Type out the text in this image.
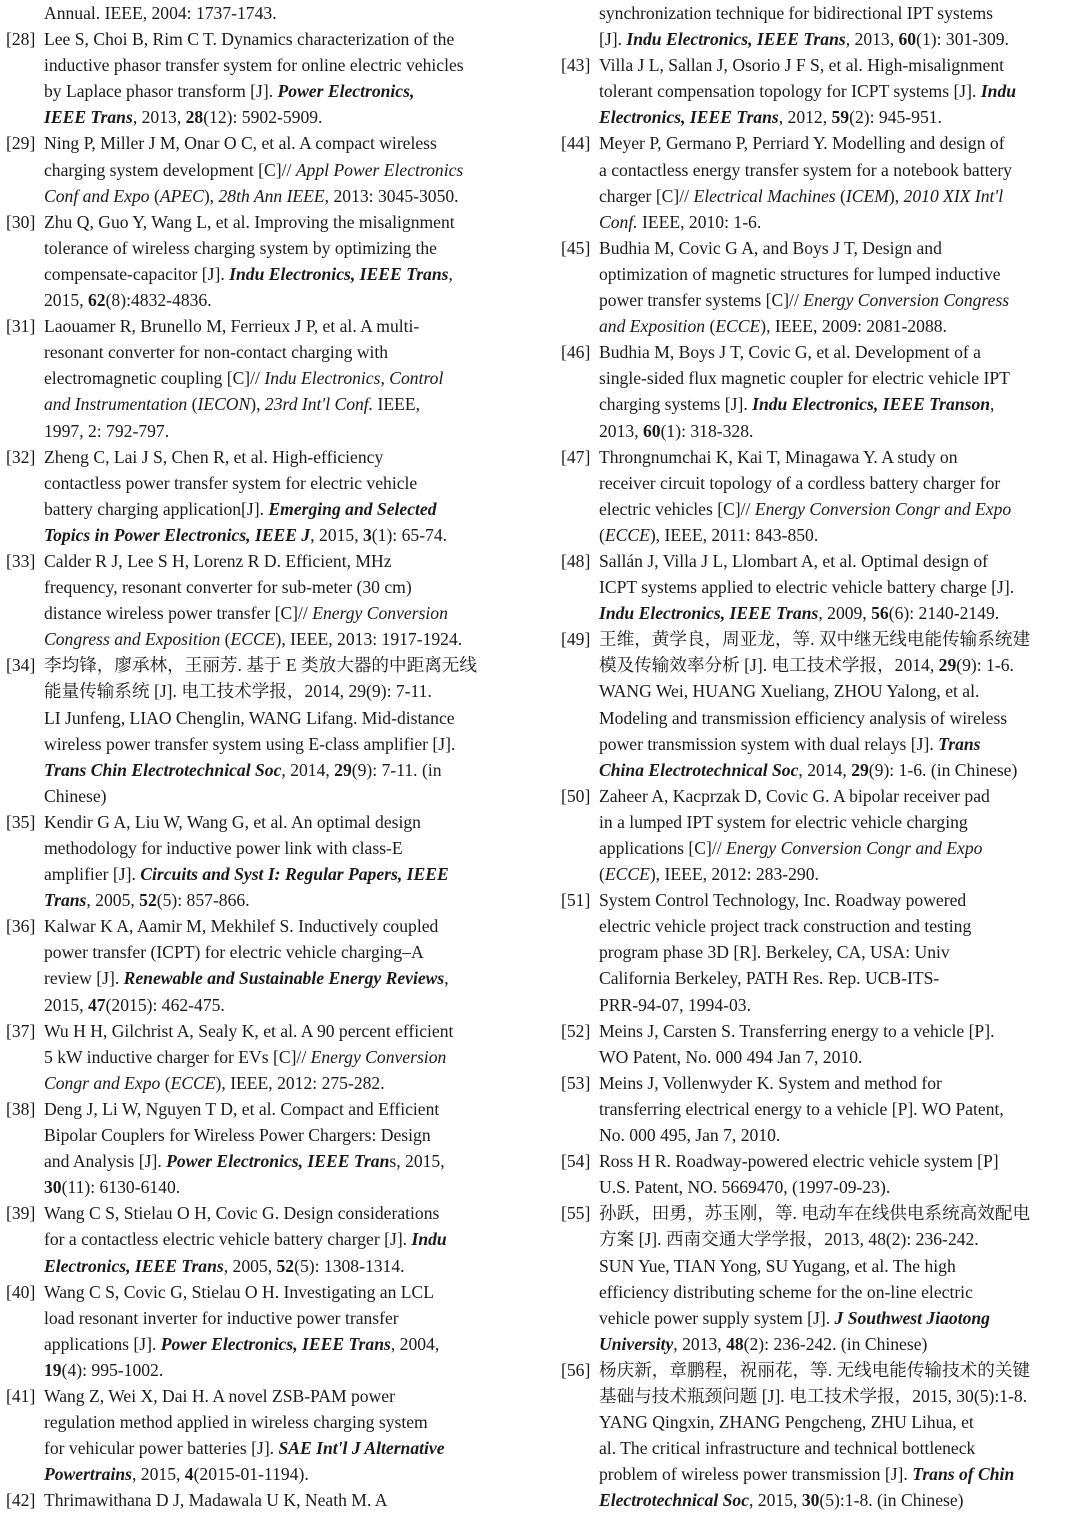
Annual. IEEE, 2004: 1737-1743.
[28] Lee S, Choi B, Rim C T. Dynamics characterization of the
inductive phasor transfer system for online electric vehicles
by Laplace phasor transform [J]. Power Electronics,
IEEE Trans, 2013, 28(12): 5902-5909.
[29] Ning P, Miller J M, Onar O C, et al. A compact wireless
charging system development [C]// Appl Power Electronics
Conf and Expo (APEC), 28th Ann IEEE, 2013: 3045-3050.
[30] Zhu Q, Guo Y, Wang L, et al. Improving the misalignment
tolerance of wireless charging system by optimizing the
compensate-capacitor [J]. Indu Electronics, IEEE Trans,
2015, 62(8):4832-4836.
[31] Laouamer R, Brunello M, Ferrieux J P, et al. A multi-
resonant converter for non-contact charging with
electromagnetic coupling [C]// Indu Electronics, Control
and Instrumentation (IECON), 23rd Int'l Conf. IEEE,
1997, 2: 792-797.
[32] Zheng C, Lai J S, Chen R, et al. High-efficiency
contactless power transfer system for electric vehicle
battery charging application[J]. Emerging and Selected
Topics in Power Electronics, IEEE J, 2015, 3(1): 65-74.
[33] Calder R J, Lee S H, Lorenz R D. Efficient, MHz
frequency, resonant converter for sub-meter (30 cm)
distance wireless power transfer [C]// Energy Conversion
Congress and Exposition (ECCE), IEEE, 2013: 1917-1924.
[34] 李均锋，廖承林，王丽芳. 基于 E 类放大器的中距离无线
能量传输系统 [J]. 电工技术学报，2014, 29(9): 7-11.
LI Junfeng, LIAO Chenglin, WANG Lifang. Mid-distance
wireless power transfer system using E-class amplifier [J].
Trans Chin Electrotechnical Soc, 2014, 29(9): 7-11. (in
Chinese)
[35] Kendir G A, Liu W, Wang G, et al. An optimal design
methodology for inductive power link with class-E
amplifier [J]. Circuits and Syst I: Regular Papers, IEEE
Trans, 2005, 52(5): 857-866.
[36] Kalwar K A, Aamir M, Mekhilef S. Inductively coupled
power transfer (ICPT) for electric vehicle charging–A
review [J]. Renewable and Sustainable Energy Reviews,
2015, 47(2015): 462-475.
[37] Wu H H, Gilchrist A, Sealy K, et al. A 90 percent efficient
5 kW inductive charger for EVs [C]// Energy Conversion
Congr and Expo (ECCE), IEEE, 2012: 275-282.
[38] Deng J, Li W, Nguyen T D, et al. Compact and Efficient
Bipolar Couplers for Wireless Power Chargers: Design
and Analysis [J]. Power Electronics, IEEE Trans, 2015,
30(11): 6130-6140.
[39] Wang C S, Stielau O H, Covic G. Design considerations
for a contactless electric vehicle battery charger [J]. Indu
Electronics, IEEE Trans, 2005, 52(5): 1308-1314.
[40] Wang C S, Covic G, Stielau O H. Investigating an LCL
load resonant inverter for inductive power transfer
applications [J]. Power Electronics, IEEE Trans, 2004,
19(4): 995-1002.
[41] Wang Z, Wei X, Dai H. A novel ZSB-PAM power
regulation method applied in wireless charging system
for vehicular power batteries [J]. SAE Int'l J Alternative
Powertrains, 2015, 4(2015-01-1194).
[42] Thrimawithana D J, Madawala U K, Neath M. A
synchronization technique for bidirectional IPT systems
[J]. Indu Electronics, IEEE Trans, 2013, 60(1): 301-309.
[43] Villa J L, Sallan J, Osorio J F S, et al. High-misalignment
tolerant compensation topology for ICPT systems [J]. Indu
Electronics, IEEE Trans, 2012, 59(2): 945-951.
[44] Meyer P, Germano P, Perriard Y. Modelling and design of
a contactless energy transfer system for a notebook battery
charger [C]// Electrical Machines (ICEM), 2010 XIX Int'l
Conf. IEEE, 2010: 1-6.
[45] Budhia M, Covic G A, and Boys J T, Design and
optimization of magnetic structures for lumped inductive
power transfer systems [C]// Energy Conversion Congress
and Exposition (ECCE), IEEE, 2009: 2081-2088.
[46] Budhia M, Boys J T, Covic G, et al. Development of a
single-sided flux magnetic coupler for electric vehicle IPT
charging systems [J]. Indu Electronics, IEEE Transon,
2013, 60(1): 318-328.
[47] Throngnumchai K, Kai T, Minagawa Y. A study on
receiver circuit topology of a cordless battery charger for
electric vehicles [C]// Energy Conversion Congr and Expo
(ECCE), IEEE, 2011: 843-850.
[48] Sallán J, Villa J L, Llombart A, et al. Optimal design of
ICPT systems applied to electric vehicle battery charge [J].
Indu Electronics, IEEE Trans, 2009, 56(6): 2140-2149.
[49] 王维，黄学良，周亚龙，等. 双中继无线电能传输系统建
模及传输效率分析 [J]. 电工技术学报，2014, 29(9): 1-6.
WANG Wei, HUANG Xueliang, ZHOU Yalong, et al.
Modeling and transmission efficiency analysis of wireless
power transmission system with dual relays [J]. Trans
China Electrotechnical Soc, 2014, 29(9): 1-6. (in Chinese)
[50] Zaheer A, Kacprzak D, Covic G. A bipolar receiver pad
in a lumped IPT system for electric vehicle charging
applications [C]// Energy Conversion Congr and Expo
(ECCE), IEEE, 2012: 283-290.
[51] System Control Technology, Inc. Roadway powered
electric vehicle project track construction and testing
program phase 3D [R]. Berkeley, CA, USA: Univ
California Berkeley, PATH Res. Rep. UCB-ITS-
PRR-94-07, 1994-03.
[52] Meins J, Carsten S. Transferring energy to a vehicle [P].
WO Patent, No. 000 494 Jan 7, 2010.
[53] Meins J, Vollenwyder K. System and method for
transferring electrical energy to a vehicle [P]. WO Patent,
No. 000 495, Jan 7, 2010.
[54] Ross H R. Roadway-powered electric vehicle system [P]
U.S. Patent, NO. 5669470, (1997-09-23).
[55] 孙跃，田勇，苏玉刚，等. 电动车在线供电系统高效配电
方案 [J]. 西南交通大学学报，2013, 48(2): 236-242.
SUN Yue, TIAN Yong, SU Yugang, et al. The high
efficiency distributing scheme for the on-line electric
vehicle power supply system [J]. J Southwest Jiaotong
University, 2013, 48(2): 236-242. (in Chinese)
[56] 杨庆新，章鹏程，祝丽花，等. 无线电能传输技术的关键
基础与技术瓶颈问题 [J]. 电工技术学报，2015, 30(5):1-8.
YANG Qingxin, ZHANG Pengcheng, ZHU Lihua, et
al. The critical infrastructure and technical bottleneck
problem of wireless power transmission [J]. Trans of Chin
Electrotechnical Soc, 2015, 30(5):1-8. (in Chinese)
